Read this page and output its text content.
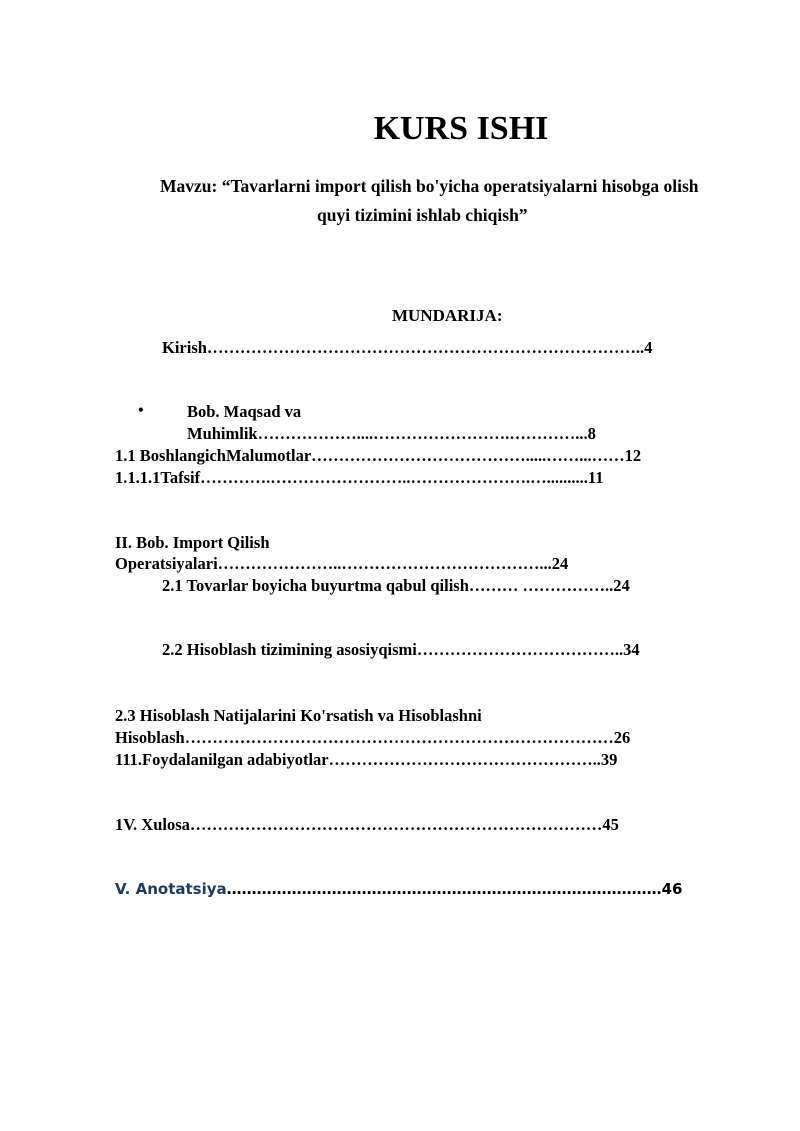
KURS ISHI
Mavzu: “Tavarlarni import qilish bo'yicha operatsiyalarni hisobga olish
quyi tizimini ishlab chiqish”
MUNDARIJA:
Kirish……………………………………………………………………..4
•	Bob. Maqsad va
Muhimlik………………....…………………….…………...8
1.1 BoshlangichMalumotlar………………………………….....……...……12
1.1.1.1Tafsif………….……………………..………………….…..........11
II. Bob. Import Qilish
Operatsiyalari…………………..………………………………...24
2.1 Tovarlar boyicha buyurtma qabul qilish……… ……………..24
2.2 Hisoblash tizimining asosiyqismi………………………………..34
2.3 Hisoblash Natijalarini Ko'rsatish va Hisoblashni
Hisoblash……………………………………………………………………26
111.Foydalanilgan adabiyotlar…………………………………………..39
1V. Xulosa…………………………………………………………………45
V. Anotatsiya……………………………………………………………………………46
